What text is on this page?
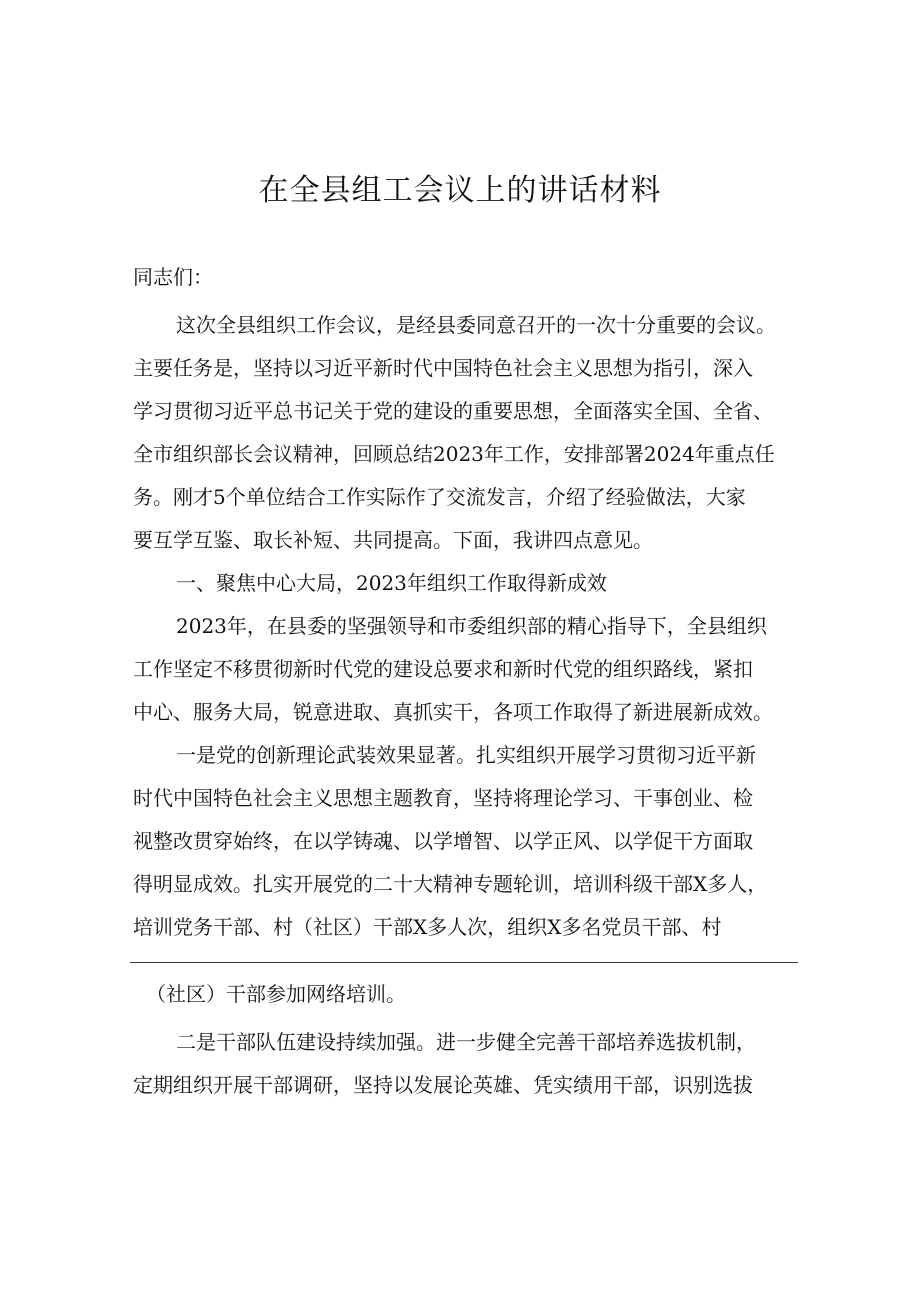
在全县组工会议上的讲话材料

同志们：

这次全县组织工作会议，是经县委同意召开的一次十分重要的会议。

主要任务是，坚持以习近平新时代中国特色社会主义思想为指引，深入

学习贯彻习近平总书记关于党的建设的重要思想，全面落实全国、全省、

全市组织部长会议精神，回顾总结2023年工作，安排部署2024年重点任

务。刚才5个单位结合工作实际作了交流发言，介绍了经验做法，大家

要互学互鉴、取长补短、共同提高。下面，我讲四点意见。

一、聚焦中心大局，2023年组织工作取得新成效

2023年，在县委的坚强领导和市委组织部的精心指导下，全县组织

工作坚定不移贯彻新时代党的建设总要求和新时代党的组织路线，紧扣

中心、服务大局，锐意进取、真抓实干，各项工作取得了新进展新成效。

一是党的创新理论武装效果显著。扎实组织开展学习贯彻习近平新

时代中国特色社会主义思想主题教育，坚持将理论学习、干事创业、检

视整改贯穿始终，在以学铸魂、以学增智、以学正风、以学促干方面取

得明显成效。扎实开展党的二十大精神专题轮训，培训科级干部X多人，

培训党务干部、村（社区）干部X多人次，组织X多名党员干部、村

（社区）干部参加网络培训。

二是干部队伍建设持续加强。进一步健全完善干部培养选拔机制，

定期组织开展干部调研，坚持以发展论英雄、凭实绩用干部，识别选拔
